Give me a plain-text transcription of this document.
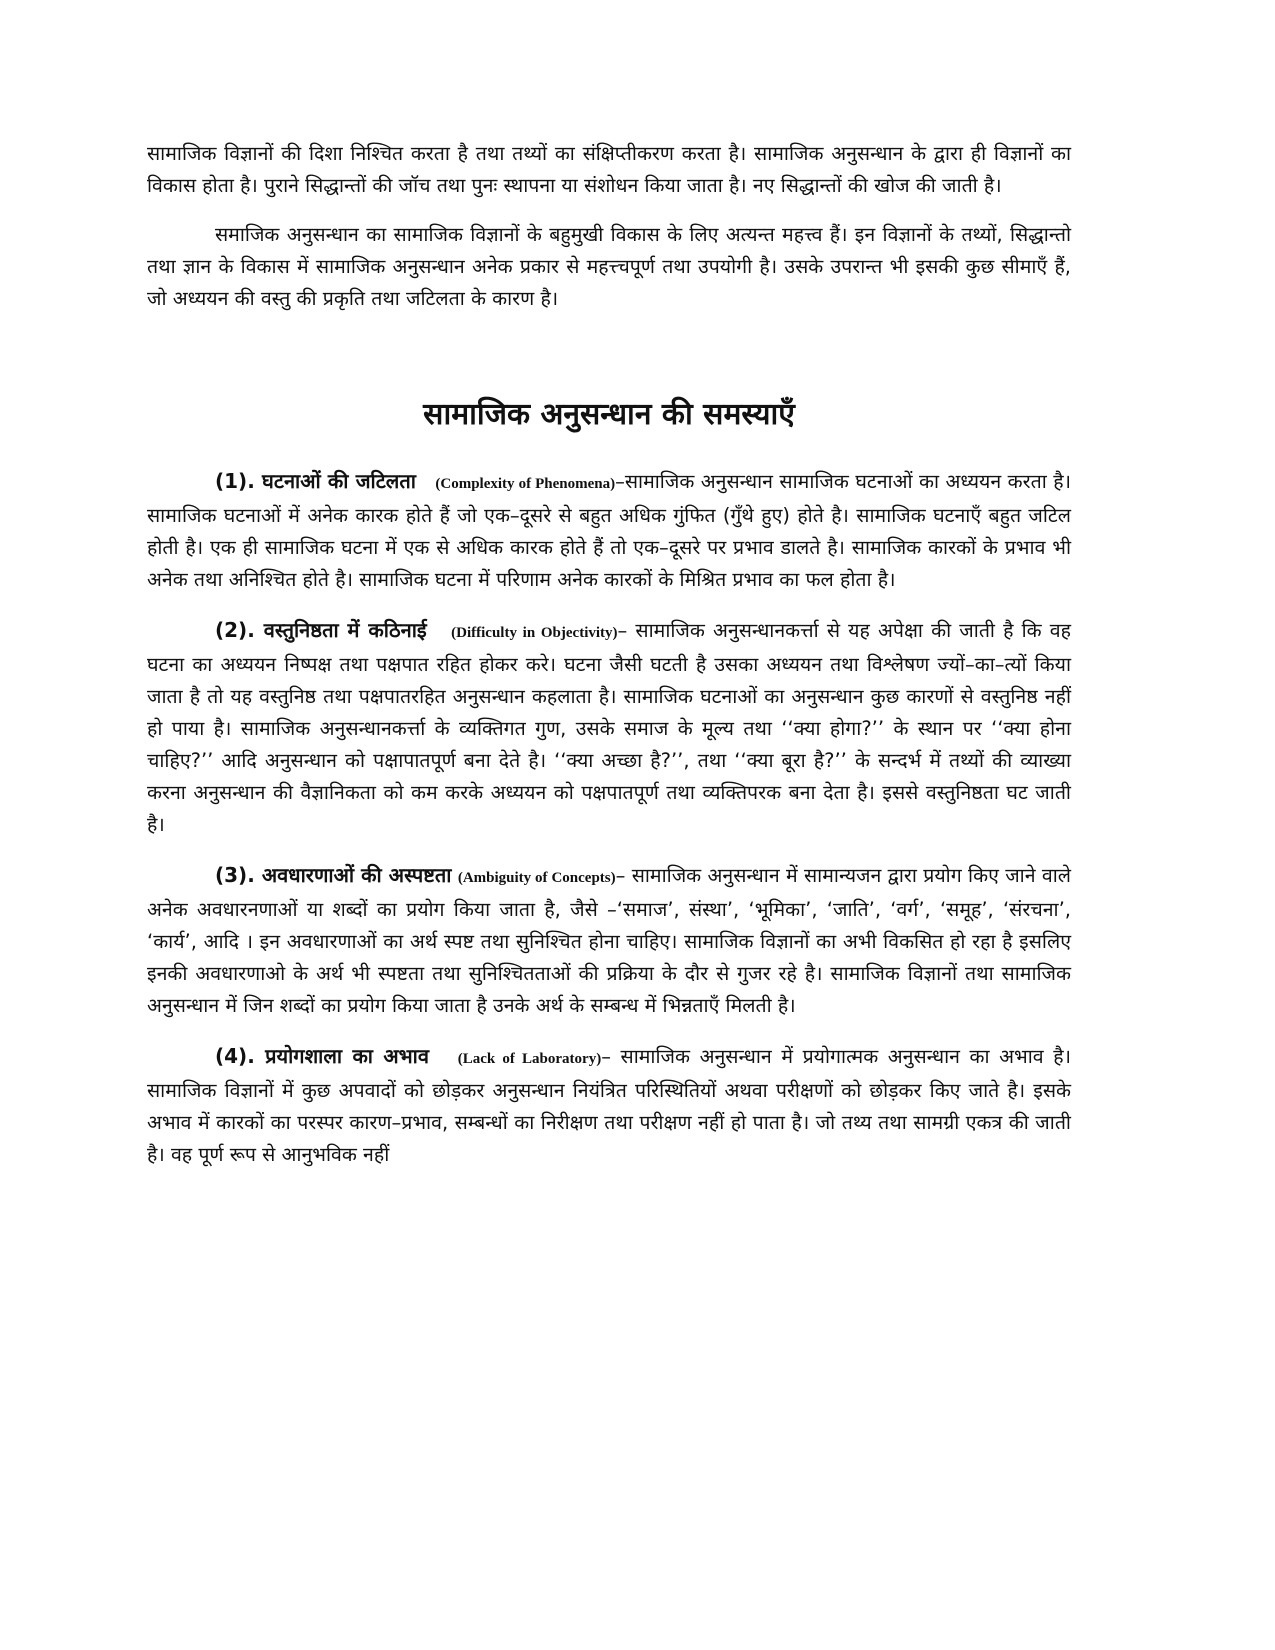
सामाजिक विज्ञानों की दिशा निश्चित करता है तथा तथ्यों का संक्षिप्तीकरण करता है। सामाजिक अनुसन्धान के द्वारा ही विज्ञानों का विकास होता है। पुराने सिद्धान्तों की जॉच तथा पुनः स्थापना या संशोधन किया जाता है। नए सिद्धान्तों की खोज की जाती है।

समाजिक अनुसन्धान का सामाजिक विज्ञानों के बहुमुखी विकास के लिए अत्यन्त महत्त्व हैं। इन विज्ञानों के तथ्यों, सिद्धान्तो तथा ज्ञान के विकास में सामाजिक अनुसन्धान अनेक प्रकार से महत्त्चपूर्ण तथा उपयोगी है। उसके उपरान्त भी इसकी कुछ सीमाएँ हैं, जो अध्ययन की वस्तु की प्रकृति तथा जटिलता के कारण है।

सामाजिक अनुसन्धान की समस्याएँ

(1). घटनाओं की जटिलता (Complexity of Phenomena)–सामाजिक अनुसन्धान सामाजिक घटनाओं का अध्ययन करता है। सामाजिक घटनाओं में अनेक कारक होते हैं जो एक–दूसरे से बहुत अधिक गुंफित (गुँथे हुए) होते है। सामाजिक घटनाएँ बहुत जटिल होती है। एक ही सामाजिक घटना में एक से अधिक कारक होते हैं तो एक–दूसरे पर प्रभाव डालते है। सामाजिक कारकों के प्रभाव भी अनेक तथा अनिश्चित होते है। सामाजिक घटना में परिणाम अनेक कारकों के मिश्रित प्रभाव का फल होता है।

(2). वस्तुनिष्ठता में कठिनाई (Difficulty in Objectivity)– सामाजिक अनुसन्धानकर्त्ता से यह अपेक्षा की जाती है कि वह घटना का अध्ययन निष्पक्ष तथा पक्षपात रहित होकर करे। घटना जैसी घटती है उसका अध्ययन तथा विश्लेषण ज्यों–का–त्यों किया जाता है तो यह वस्तुनिष्ठ तथा पक्षपातरहित अनुसन्धान कहलाता है। सामाजिक घटनाओं का अनुसन्धान कुछ कारणों से वस्तुनिष्ठ नहीं हो पाया है। सामाजिक अनुसन्धानकर्त्ता के व्यक्तिगत गुण, उसके समाज के मूल्य तथा ‘‘क्या होगा?’’ के स्थान पर ‘‘क्या होना चाहिए?’’ आदि अनुसन्धान को पक्षापातपूर्ण बना देते है। ‘‘क्या अच्छा है?’’, तथा ‘‘क्या बूरा है?’’ के सन्दर्भ में तथ्यों की व्याख्या करना अनुसन्धान की वैज्ञानिकता को कम करके अध्ययन को पक्षपातपूर्ण तथा व्यक्तिपरक बना देता है। इससे वस्तुनिष्ठता घट जाती है।

(3). अवधारणाओं की अस्पष्टता (Ambiguity of Concepts)– सामाजिक अनुसन्धान में सामान्यजन द्वारा प्रयोग किए जाने वाले अनेक अवधारनणाओं या शब्दों का प्रयोग किया जाता है, जैसे –‘समाज’, संस्था’, ‘भूमिका’, ‘जाति’, ‘वर्ग’, ‘समूह’, ‘संरचना’, ‘कार्य’, आदि । इन अवधारणाओं का अर्थ स्पष्ट तथा सुनिश्चित होना चाहिए। सामाजिक विज्ञानों का अभी विकसित हो रहा है इसलिए इनकी अवधारणाओ के अर्थ भी स्पष्टता तथा सुनिश्चितताओं की प्रक्रिया के दौर से गुजर रहे है। सामाजिक विज्ञानों तथा सामाजिक अनुसन्धान में जिन शब्दों का प्रयोग किया जाता है उनके अर्थ के सम्बन्ध में भिन्नताएँ मिलती है।

(4). प्रयोगशाला का अभाव (Lack of Laboratory)– सामाजिक अनुसन्धान में प्रयोगात्मक अनुसन्धान का अभाव है। सामाजिक विज्ञानों में कुछ अपवादों को छोड़कर अनुसन्धान नियंत्रित परिस्थितियों अथवा परीक्षणों को छोड़कर किए जाते है। इसके अभाव में कारकों का परस्पर कारण–प्रभाव, सम्बन्धों का निरीक्षण तथा परीक्षण नहीं हो पाता है। जो तथ्य तथा सामग्री एकत्र की जाती है। वह पूर्ण रूप से आनुभविक नहीं
